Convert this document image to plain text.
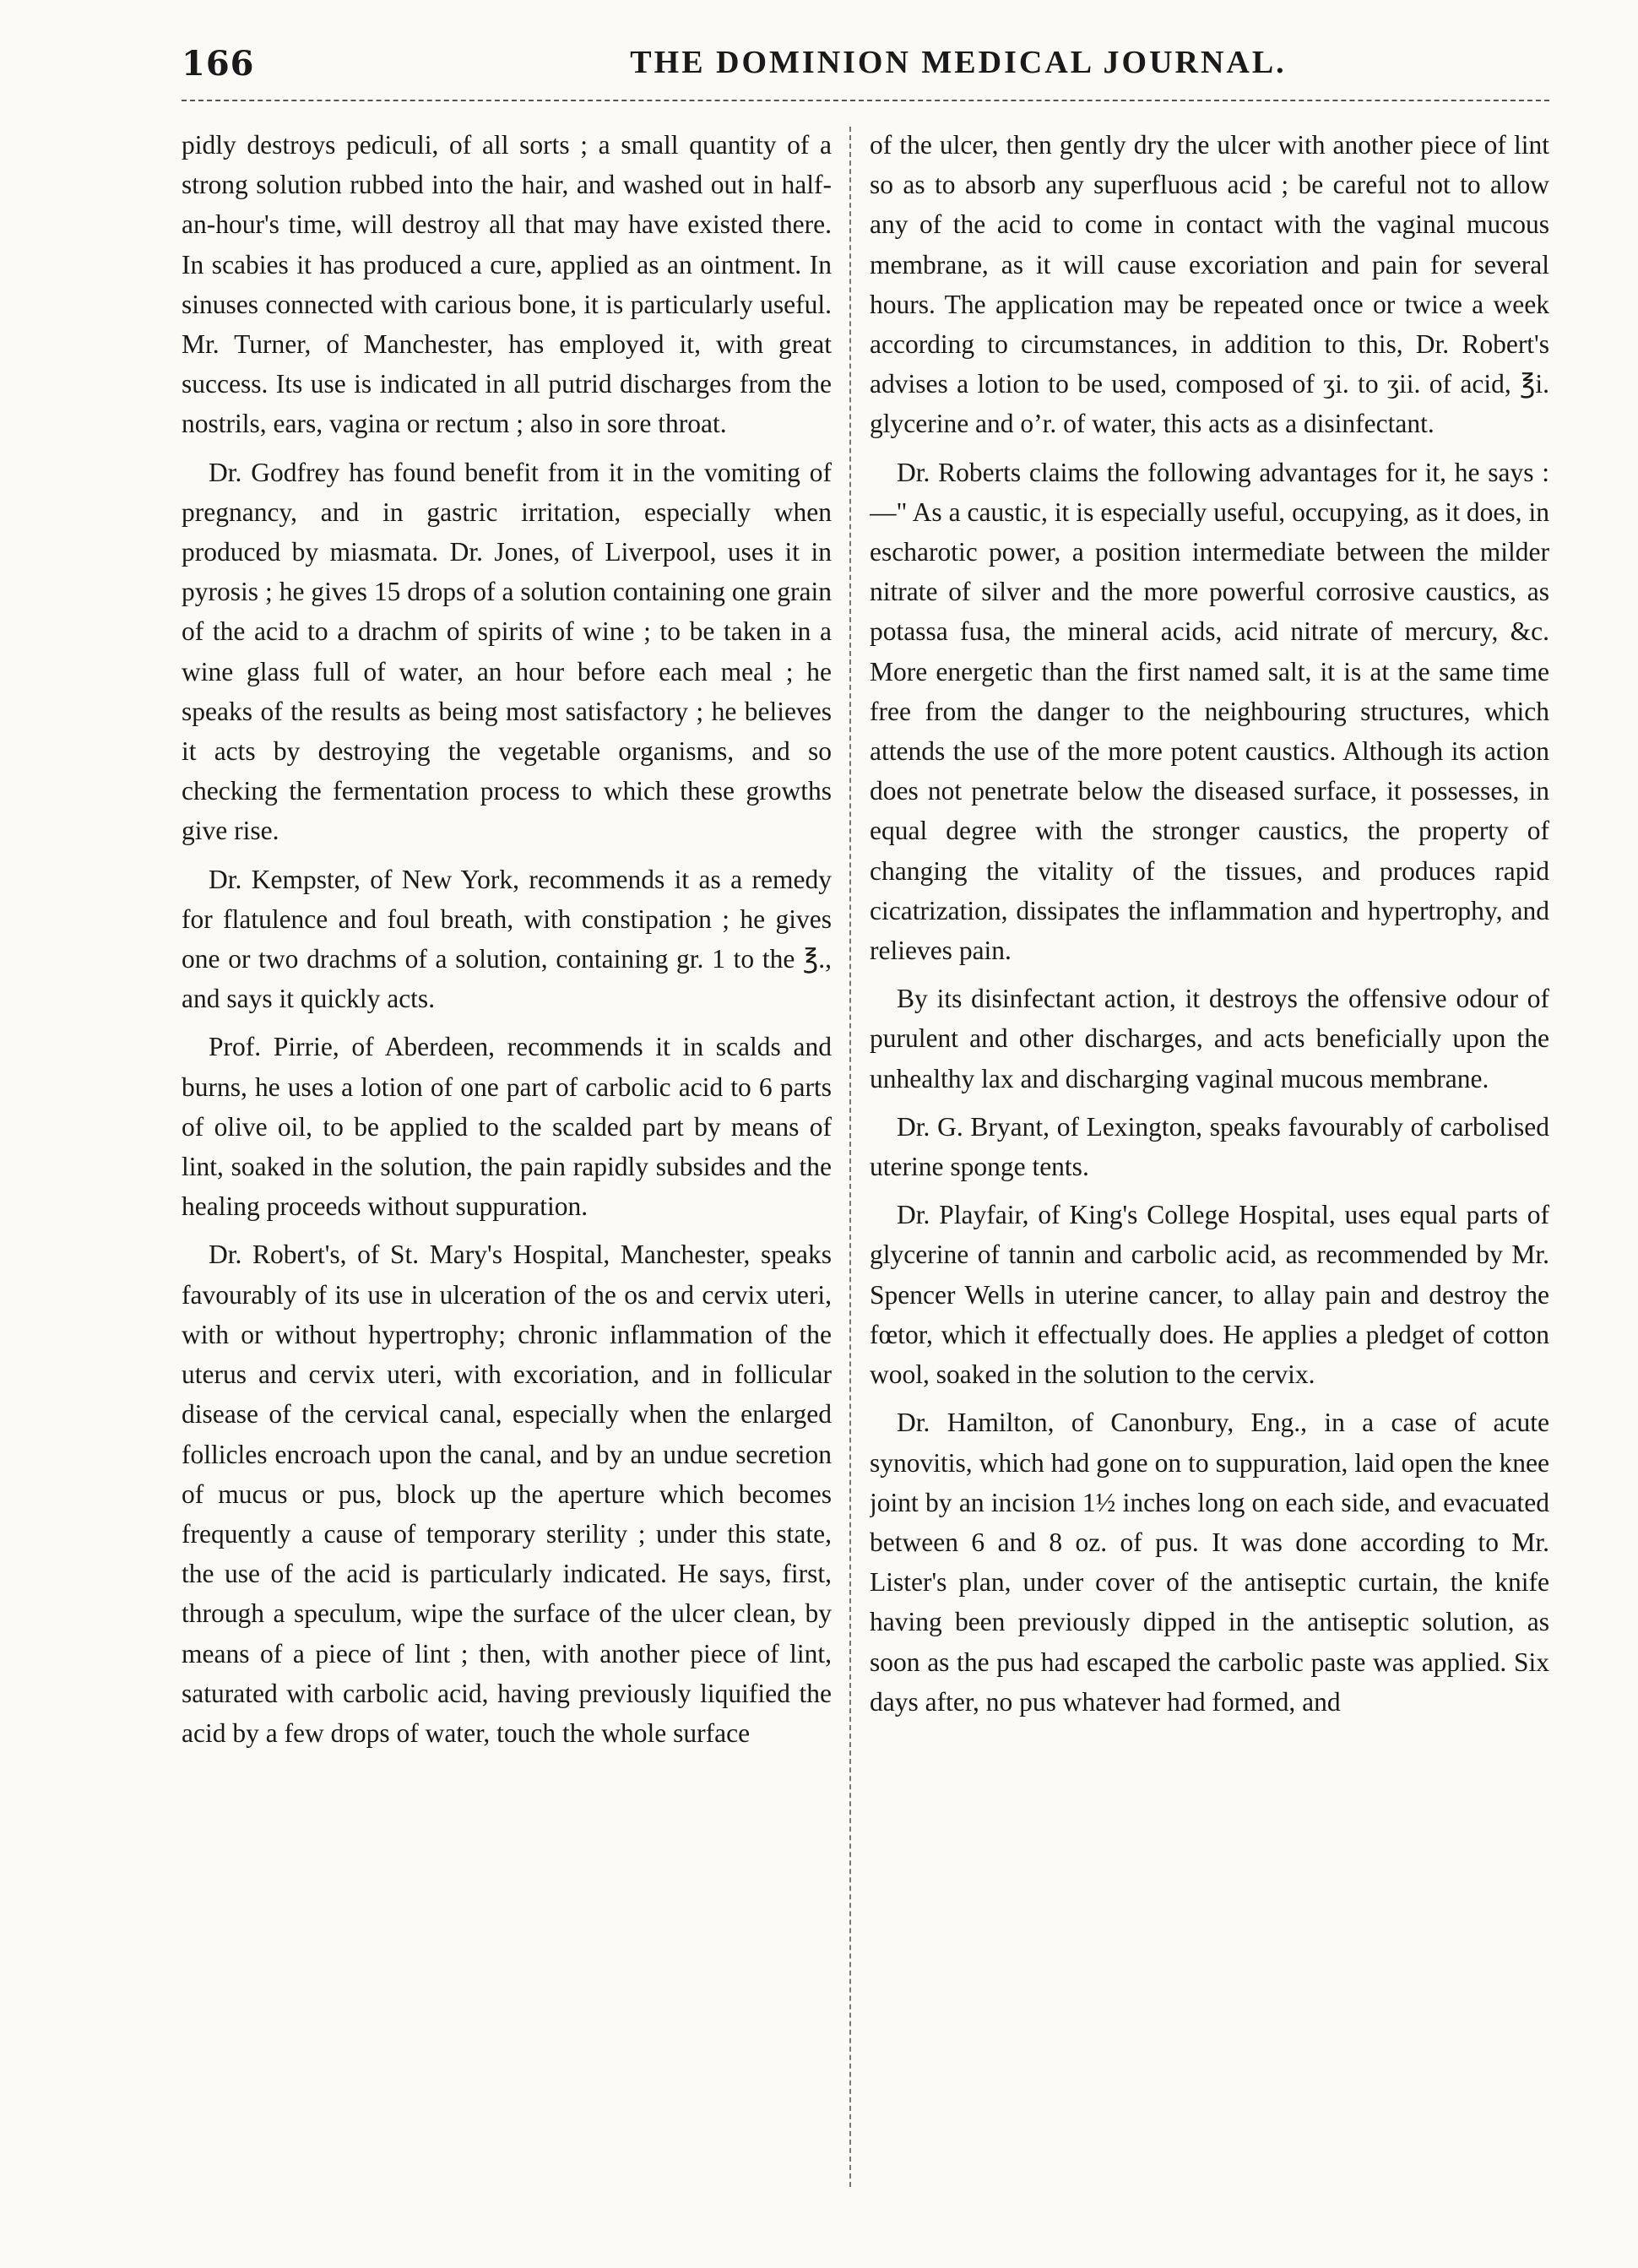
166	THE DOMINION MEDICAL JOURNAL.

pidly destroys pediculi, of all sorts ; a small quantity of a strong solution rubbed into the hair, and washed out in half-an-hour's time, will destroy all that may have existed there. In scabies it has produced a cure, applied as an ointment. In sinuses connected with carious bone, it is particularly useful. Mr. Turner, of Manchester, has employed it, with great success. Its use is indicated in all putrid discharges from the nostrils, ears, vagina or rectum ; also in sore throat.

Dr. Godfrey has found benefit from it in the vomiting of pregnancy, and in gastric irritation, especially when produced by miasmata. Dr. Jones, of Liverpool, uses it in pyrosis ; he gives 15 drops of a solution containing one grain of the acid to a drachm of spirits of wine ; to be taken in a wine glass full of water, an hour before each meal ; he speaks of the results as being most satisfactory ; he believes it acts by destroying the vegetable organisms, and so checking the fermentation process to which these growths give rise.

Dr. Kempster, of New York, recommends it as a remedy for flatulence and foul breath, with constipation ; he gives one or two drachms of a solution, containing gr. 1 to the ℥., and says it quickly acts.

Prof. Pirrie, of Aberdeen, recommends it in scalds and burns, he uses a lotion of one part of carbolic acid to 6 parts of olive oil, to be applied to the scalded part by means of lint, soaked in the solution, the pain rapidly subsides and the healing proceeds without suppuration.

Dr. Robert's, of St. Mary's Hospital, Manchester, speaks favourably of its use in ulceration of the os and cervix uteri, with or without hypertrophy; chronic inflammation of the uterus and cervix uteri, with excoriation, and in follicular disease of the cervical canal, especially when the enlarged follicles encroach upon the canal, and by an undue secretion of mucus or pus, block up the aperture which becomes frequently a cause of temporary sterility ; under this state, the use of the acid is particularly indicated. He says, first, through a speculum, wipe the surface of the ulcer clean, by means of a piece of lint ; then, with another piece of lint, saturated with carbolic acid, having previously liquified the acid by a few drops of water, touch the whole surface

of the ulcer, then gently dry the ulcer with another piece of lint so as to absorb any superfluous acid ; be careful not to allow any of the acid to come in contact with the vaginal mucous membrane, as it will cause excoriation and pain for several hours. The application may be repeated once or twice a week according to circumstances, in addition to this, Dr. Robert's advises a lotion to be used, composed of ʒi. to ʒii. of acid, ℥i. glycerine and oʼr. of water, this acts as a disinfectant.

Dr. Roberts claims the following advantages for it, he says :—" As a caustic, it is especially useful, occupying, as it does, in escharotic power, a position intermediate between the milder nitrate of silver and the more powerful corrosive caustics, as potassa fusa, the mineral acids, acid nitrate of mercury, &c. More energetic than the first named salt, it is at the same time free from the danger to the neighbouring structures, which attends the use of the more potent caustics. Although its action does not penetrate below the diseased surface, it possesses, in equal degree with the stronger caustics, the property of changing the vitality of the tissues, and produces rapid cicatrization, dissipates the inflammation and hypertrophy, and relieves pain.

By its disinfectant action, it destroys the offensive odour of purulent and other discharges, and acts beneficially upon the unhealthy lax and discharging vaginal mucous membrane.

Dr. G. Bryant, of Lexington, speaks favourably of carbolised uterine sponge tents.

Dr. Playfair, of King's College Hospital, uses equal parts of glycerine of tannin and carbolic acid, as recommended by Mr. Spencer Wells in uterine cancer, to allay pain and destroy the fœtor, which it effectually does. He applies a pledget of cotton wool, soaked in the solution to the cervix.

Dr. Hamilton, of Canonbury, Eng., in a case of acute synovitis, which had gone on to suppuration, laid open the knee joint by an incision 1½ inches long on each side, and evacuated between 6 and 8 oz. of pus. It was done according to Mr. Lister's plan, under cover of the antiseptic curtain, the knife having been previously dipped in the antiseptic solution, as soon as the pus had escaped the carbolic paste was applied. Six days after, no pus whatever had formed, and
